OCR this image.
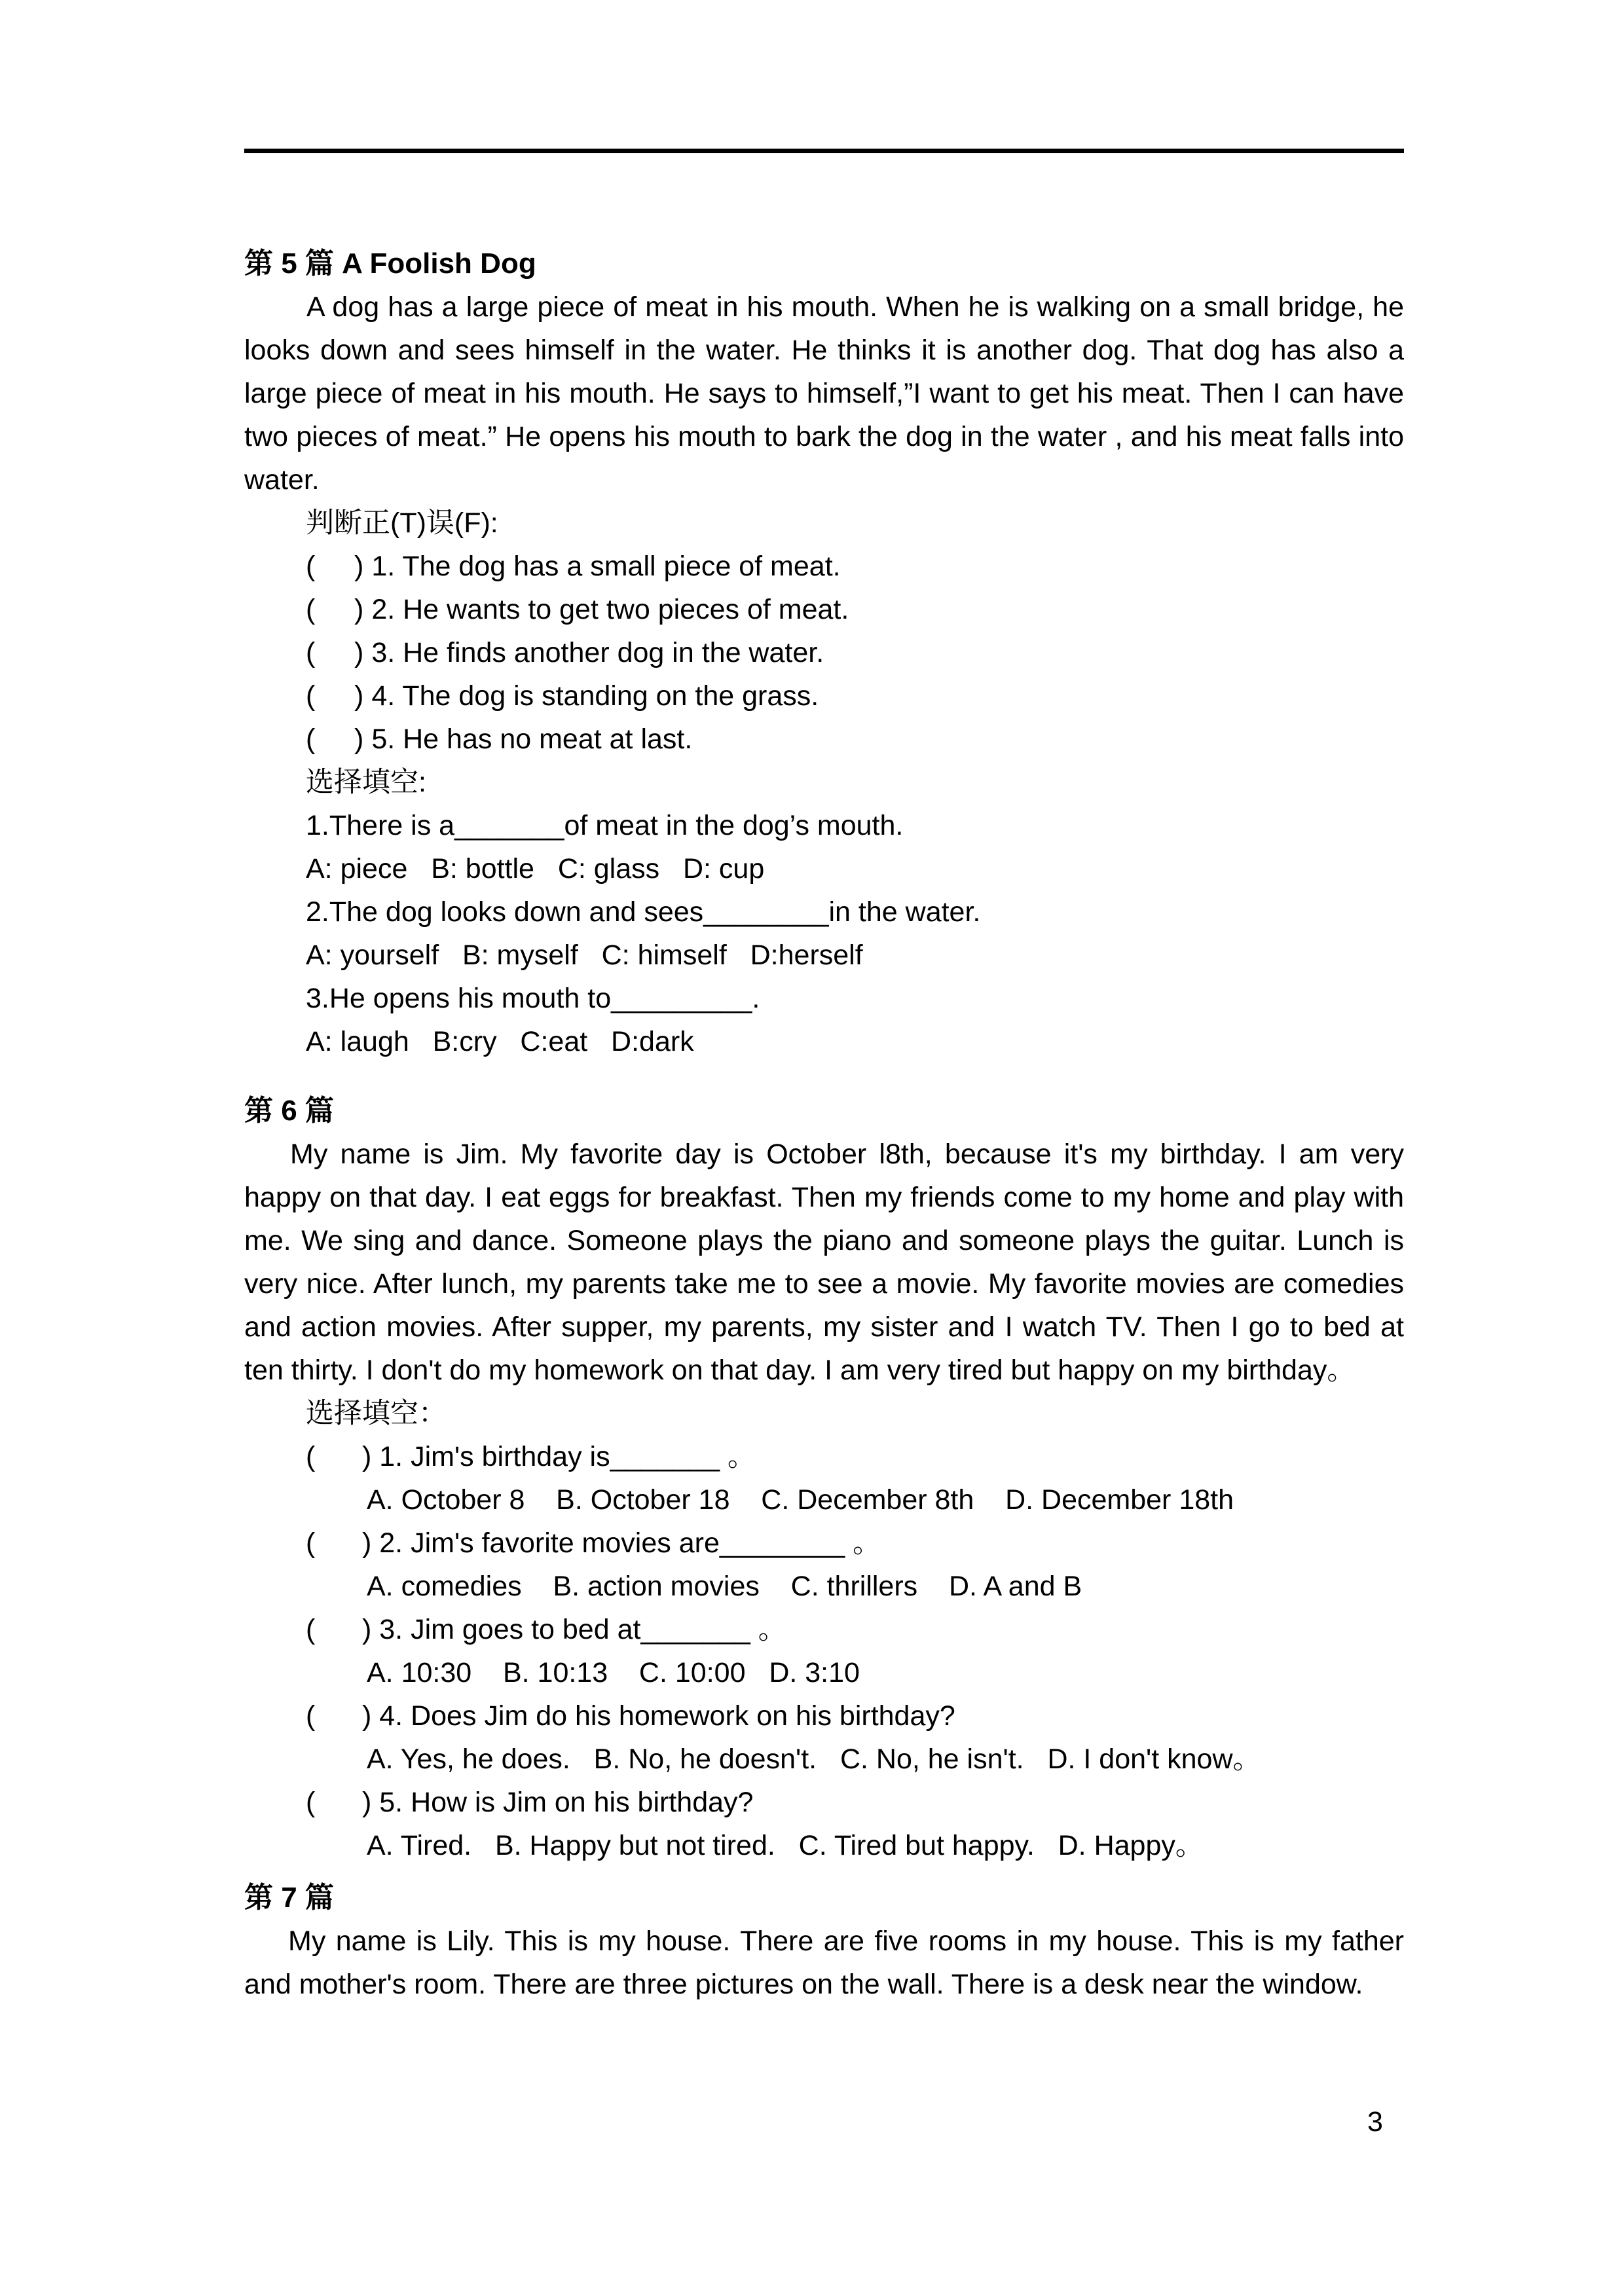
第 5 篇 A Foolish Dog
A dog has a large piece of meat in his mouth. When he is walking on a small bridge, he looks down and sees himself in the water. He thinks it is another dog. That dog has also a large piece of meat in his mouth. He says to himself,”I want to get his meat. Then I can have two pieces of meat.” He opens his mouth to bark the dog in the water , and his meat falls into water.
判断正(T)误(F):
(     ) 1. The dog has a small piece of meat.
(     ) 2. He wants to get two pieces of meat.
(     ) 3. He finds another dog in the water.
(     ) 4. The dog is standing on the grass.
(     ) 5. He has no meat at last.
选择填空:
1.There is a_______of meat in the dog’s mouth.
A: piece   B: bottle   C: glass   D: cup
2.The dog looks down and sees________in the water.
A: yourself   B: myself   C: himself   D:herself
3.He opens his mouth to_________.
A: laugh   B:cry   C:eat   D:dark
第 6 篇
My name is Jim. My favorite day is October l8th, because it's my birthday. I am very happy on that day. I eat eggs for breakfast. Then my friends come to my home and play with me. We sing and dance. Someone plays the piano and someone plays the guitar. Lunch is very nice. After lunch, my parents take me to see a movie. My favorite movies are comedies and action movies. After supper, my parents, my sister and I watch TV. Then I go to bed at ten thirty. I don't do my homework on that day. I am very tired but happy on my birthday。
选择填空：
(      ) 1. Jim's birthday is_______ 。
A. October 8    B. October 18    C. December 8th    D. December 18th
(      ) 2. Jim's favorite movies are________ 。
A. comedies    B. action movies    C. thrillers    D. A and B
(      ) 3. Jim goes to bed at_______ 。
A. 10:30    B. 10:13    C. 10:00   D. 3:10
(      ) 4. Does Jim do his homework on his birthday?
A. Yes, he does.   B. No, he doesn't.   C. No, he isn't.   D. I don't know。
(      ) 5. How is Jim on his birthday?
A. Tired.   B. Happy but not tired.   C. Tired but happy.   D. Happy。
第 7 篇
My name is Lily. This is my house. There are five rooms in my house. This is my father and mother's room. There are three pictures on the wall. There is a desk near the window.
3
